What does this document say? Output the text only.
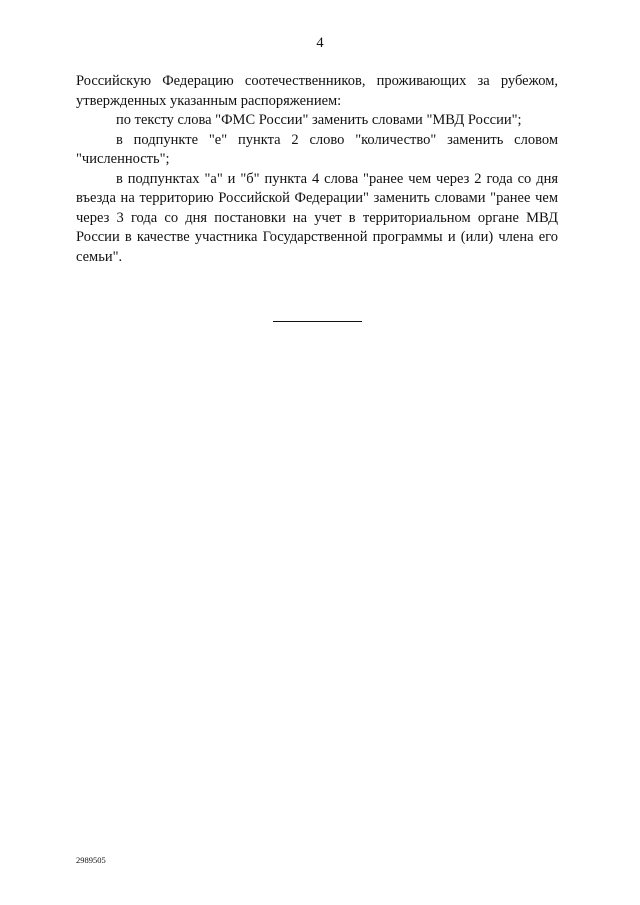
4

Российскую Федерацию соотечественников, проживающих за рубежом, утвержденных указанным распоряжением:

по тексту слова "ФМС России" заменить словами "МВД России";

в подпункте "е" пункта 2 слово "количество" заменить словом "численность";

в подпунктах "а" и "б" пункта 4 слова "ранее чем через 2 года со дня въезда на территорию Российской Федерации" заменить словами "ранее чем через 3 года со дня постановки на учет в территориальном органе МВД России в качестве участника Государственной программы и (или) члена его семьи".

2989505
